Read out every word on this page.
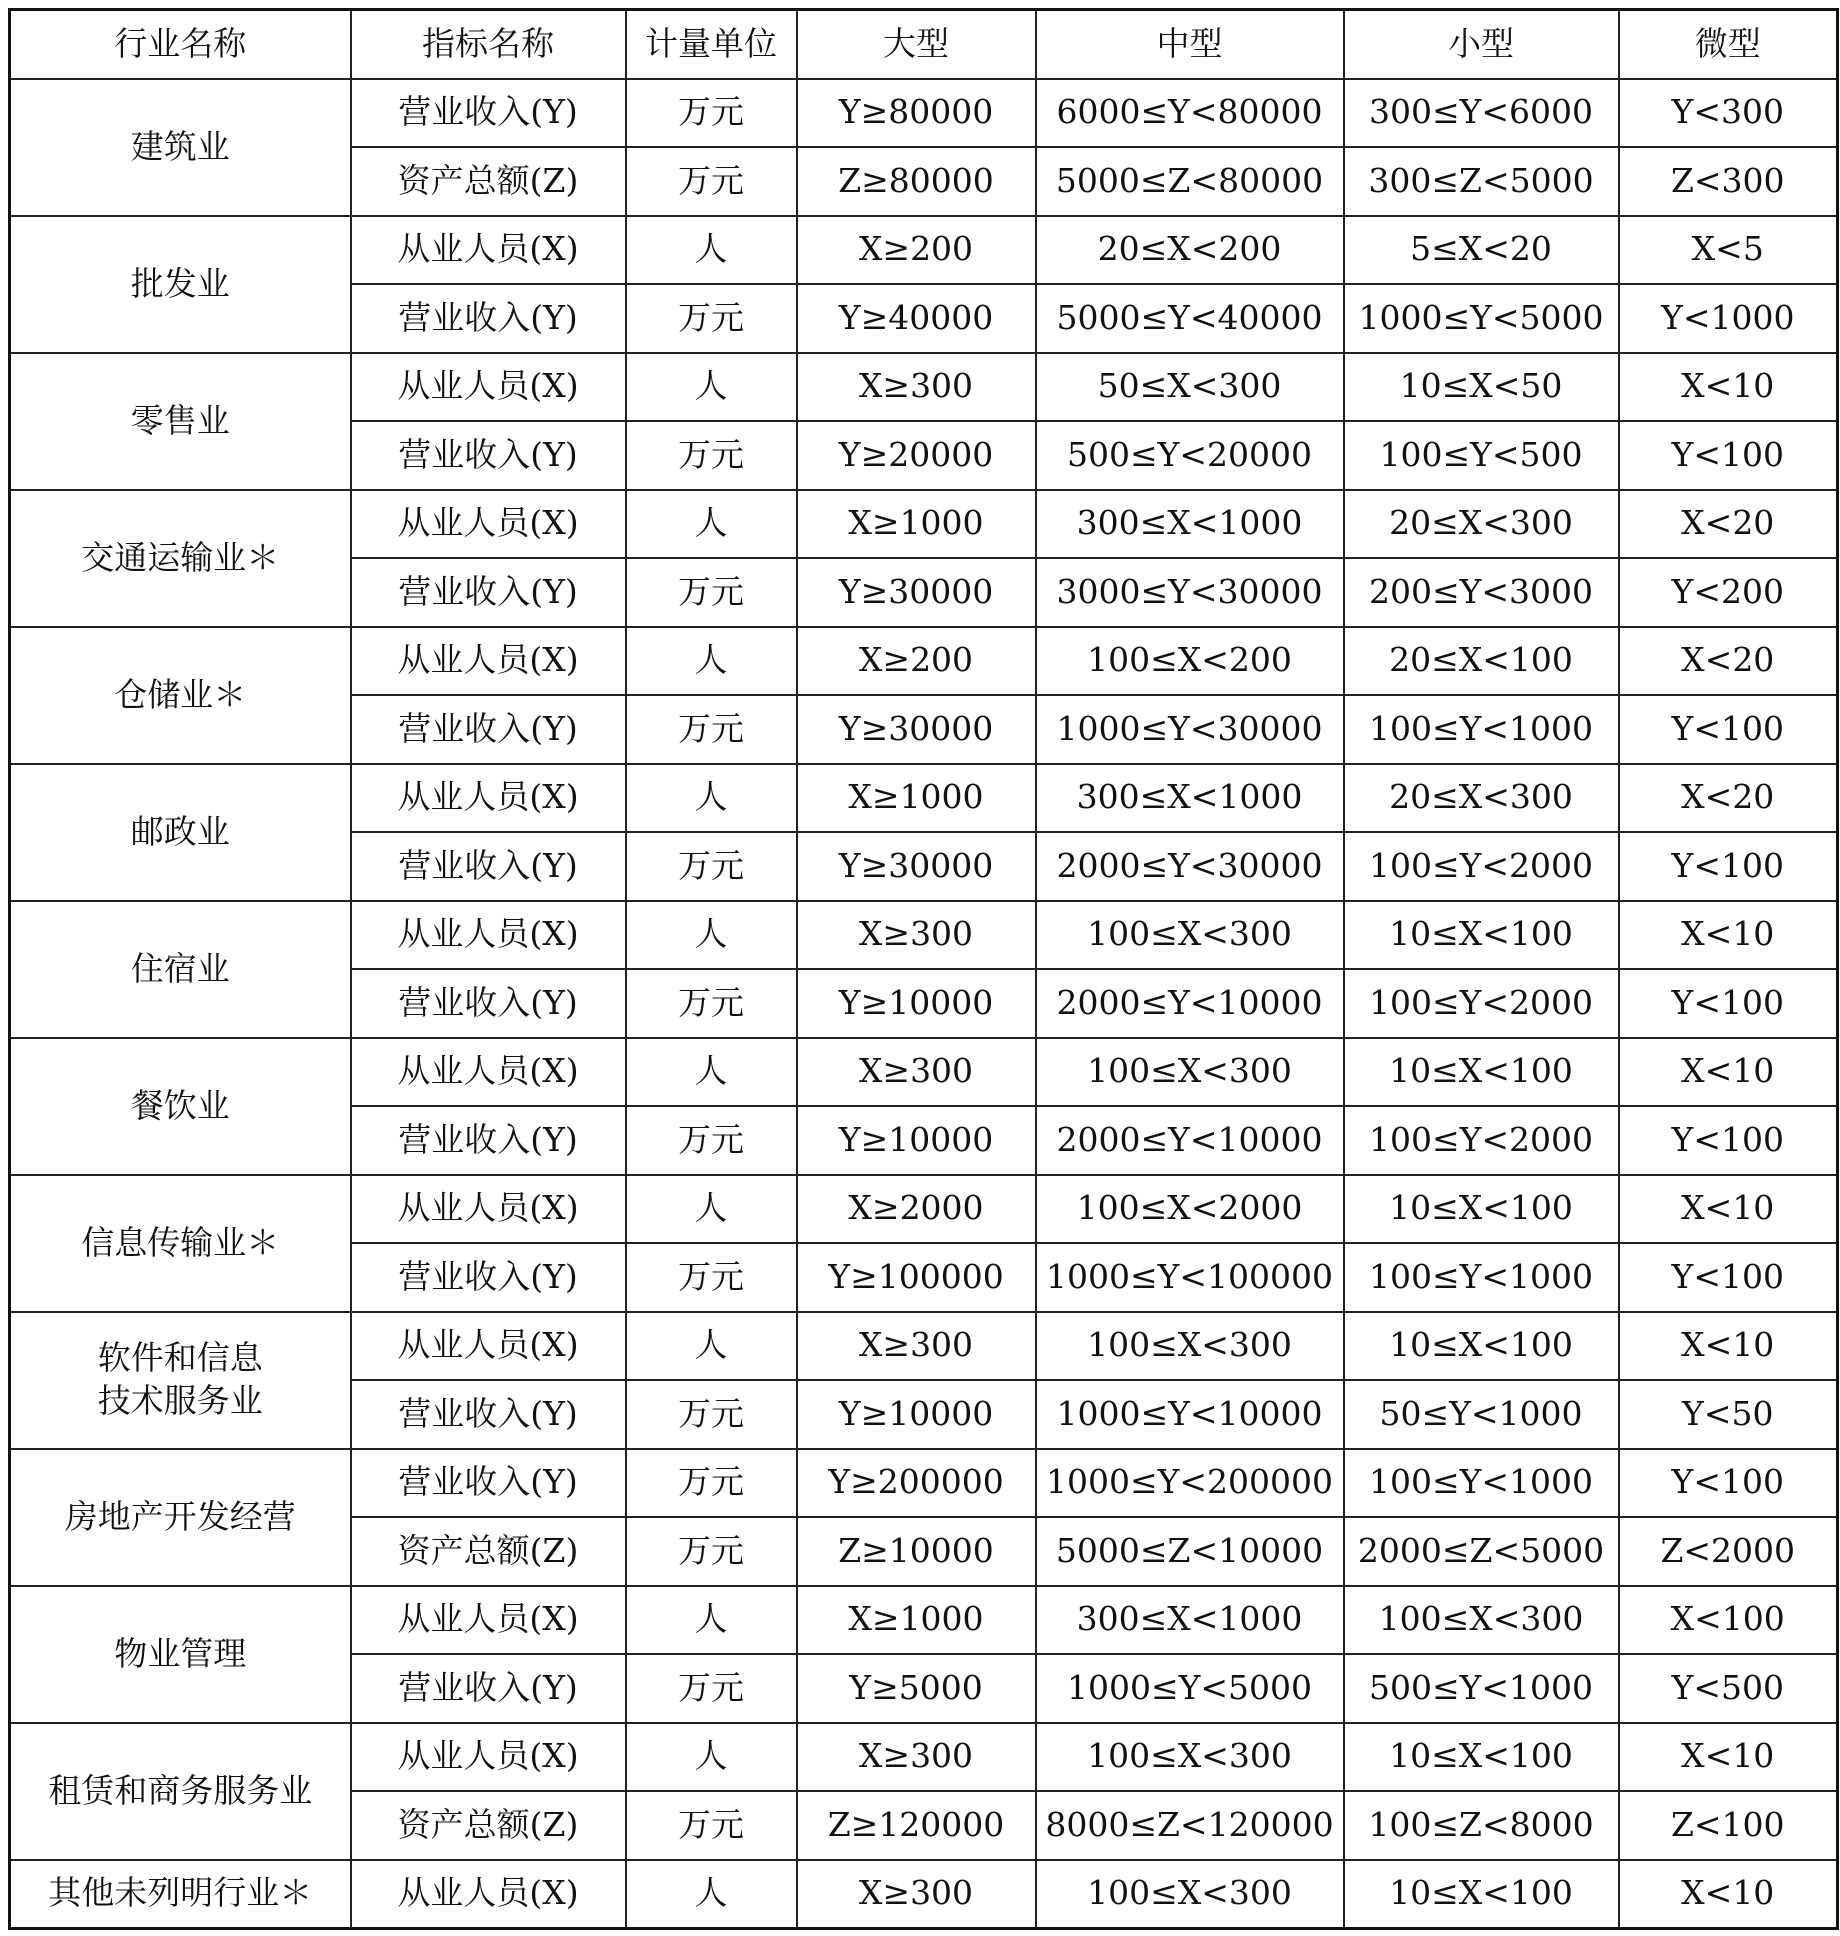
行业名称	指标名称	计量单位	大型	中型	小型	微型

建筑业	营业收入(Y)	万元	Y≥80000	6000≤Y<80000	300≤Y<6000	Y<300
	资产总额(Z)	万元	Z≥80000	5000≤Z<80000	300≤Z<5000	Z<300

批发业	从业人员(X)	人	X≥200	20≤X<200	5≤X<20	X<5
	营业收入(Y)	万元	Y≥40000	5000≤Y<40000	1000≤Y<5000	Y<1000

零售业	从业人员(X)	人	X≥300	50≤X<300	10≤X<50	X<10
	营业收入(Y)	万元	Y≥20000	500≤Y<20000	100≤Y<500	Y<100

交通运输业＊	从业人员(X)	人	X≥1000	300≤X<1000	20≤X<300	X<20
	营业收入(Y)	万元	Y≥30000	3000≤Y<30000	200≤Y<3000	Y<200

仓储业＊	从业人员(X)	人	X≥200	100≤X<200	20≤X<100	X<20
	营业收入(Y)	万元	Y≥30000	1000≤Y<30000	100≤Y<1000	Y<100

邮政业	从业人员(X)	人	X≥1000	300≤X<1000	20≤X<300	X<20
	营业收入(Y)	万元	Y≥30000	2000≤Y<30000	100≤Y<2000	Y<100

住宿业	从业人员(X)	人	X≥300	100≤X<300	10≤X<100	X<10
	营业收入(Y)	万元	Y≥10000	2000≤Y<10000	100≤Y<2000	Y<100

餐饮业	从业人员(X)	人	X≥300	100≤X<300	10≤X<100	X<10
	营业收入(Y)	万元	Y≥10000	2000≤Y<10000	100≤Y<2000	Y<100

信息传输业＊	从业人员(X)	人	X≥2000	100≤X<2000	10≤X<100	X<10
	营业收入(Y)	万元	Y≥100000	1000≤Y<100000	100≤Y<1000	Y<100

软件和信息
技术服务业	从业人员(X)	人	X≥300	100≤X<300	10≤X<100	X<10
	营业收入(Y)	万元	Y≥10000	1000≤Y<10000	50≤Y<1000	Y<50

房地产开发经营	营业收入(Y)	万元	Y≥200000	1000≤Y<200000	100≤Y<1000	Y<100
	资产总额(Z)	万元	Z≥10000	5000≤Z<10000	2000≤Z<5000	Z<2000

物业管理	从业人员(X)	人	X≥1000	300≤X<1000	100≤X<300	X<100
	营业收入(Y)	万元	Y≥5000	1000≤Y<5000	500≤Y<1000	Y<500

租赁和商务服务业	从业人员(X)	人	X≥300	100≤X<300	10≤X<100	X<10
	资产总额(Z)	万元	Z≥120000	8000≤Z<120000	100≤Z<8000	Z<100

其他未列明行业＊	从业人员(X)	人	X≥300	100≤X<300	10≤X<100	X<10
